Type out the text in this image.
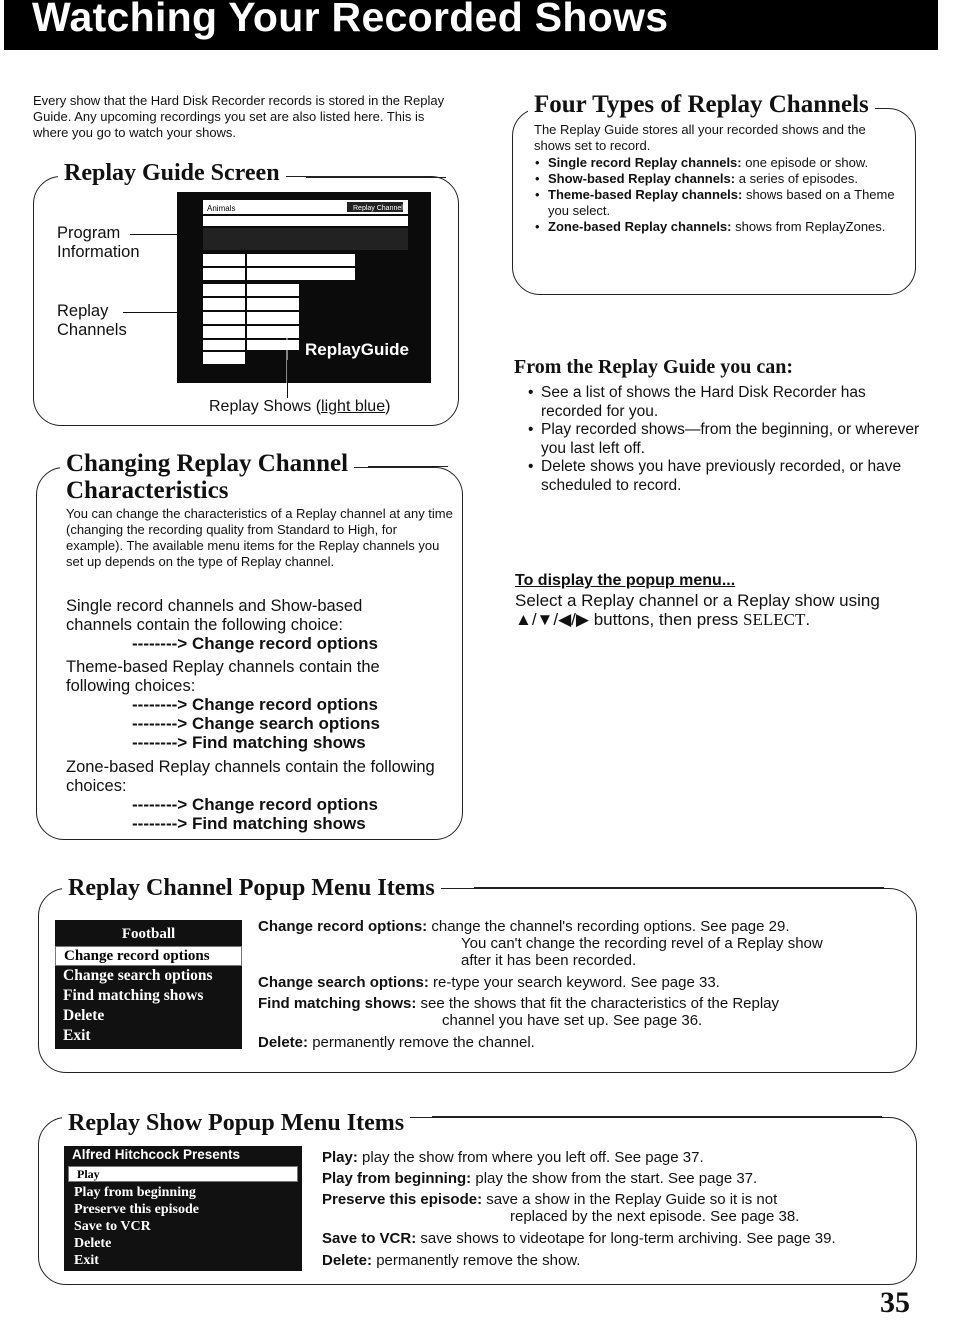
Watching Your Recorded Shows
Every show that the Hard Disk Recorder records is stored in the Replay Guide. Any upcoming recordings you set are also listed here. This is where you go to watch your shows.
Replay Guide Screen
Program Information
Replay Channels
Animals	Replay Channel
ReplayGuide
Replay Shows (light blue)
Changing Replay Channel
Characteristics
You can change the characteristics of a Replay channel at any time (changing the recording quality from Standard to High, for example). The available menu items for the Replay channels you set up depends on the type of Replay channel.
Single record channels and Show-based channels contain the following choice:
--------> Change record options
Theme-based Replay channels contain the following choices:
--------> Change record options
--------> Change search options
--------> Find matching shows
Zone-based Replay channels contain the following choices:
--------> Change record options
--------> Find matching shows
Four Types of Replay Channels
The Replay Guide stores all your recorded shows and the shows set to record.
• Single record Replay channels: one episode or show.
• Show-based Replay channels: a series of episodes.
• Theme-based Replay channels: shows based on a Theme you select.
• Zone-based Replay channels: shows from ReplayZones.
From the Replay Guide you can:
• See a list of shows the Hard Disk Recorder has recorded for you.
• Play recorded shows—from the beginning, or wherever you last left off.
• Delete shows you have previously recorded, or have scheduled to record.
To display the popup menu...
Select a Replay channel or a Replay show using ▲/▼/◀/▶ buttons, then press SELECT.
Replay Channel Popup Menu Items
Football
Change record options
Change search options
Find matching shows
Delete
Exit
Change record options: change the channel's recording options. See page 29.
You can't change the recording revel of a Replay show
after it has been recorded.
Change search options: re-type your search keyword. See page 33.
Find matching shows: see the shows that fit the characteristics of the Replay
channel you have set up. See page 36.
Delete: permanently remove the channel.
Replay Show Popup Menu Items
Alfred Hitchcock Presents
Play
Play from beginning
Preserve this episode
Save to VCR
Delete
Exit
Play: play the show from where you left off. See page 37.
Play from beginning: play the show from the start. See page 37.
Preserve this episode: save a show in the Replay Guide so it is not
replaced by the next episode. See page 38.
Save to VCR: save shows to videotape for long-term archiving. See page 39.
Delete: permanently remove the show.
35
